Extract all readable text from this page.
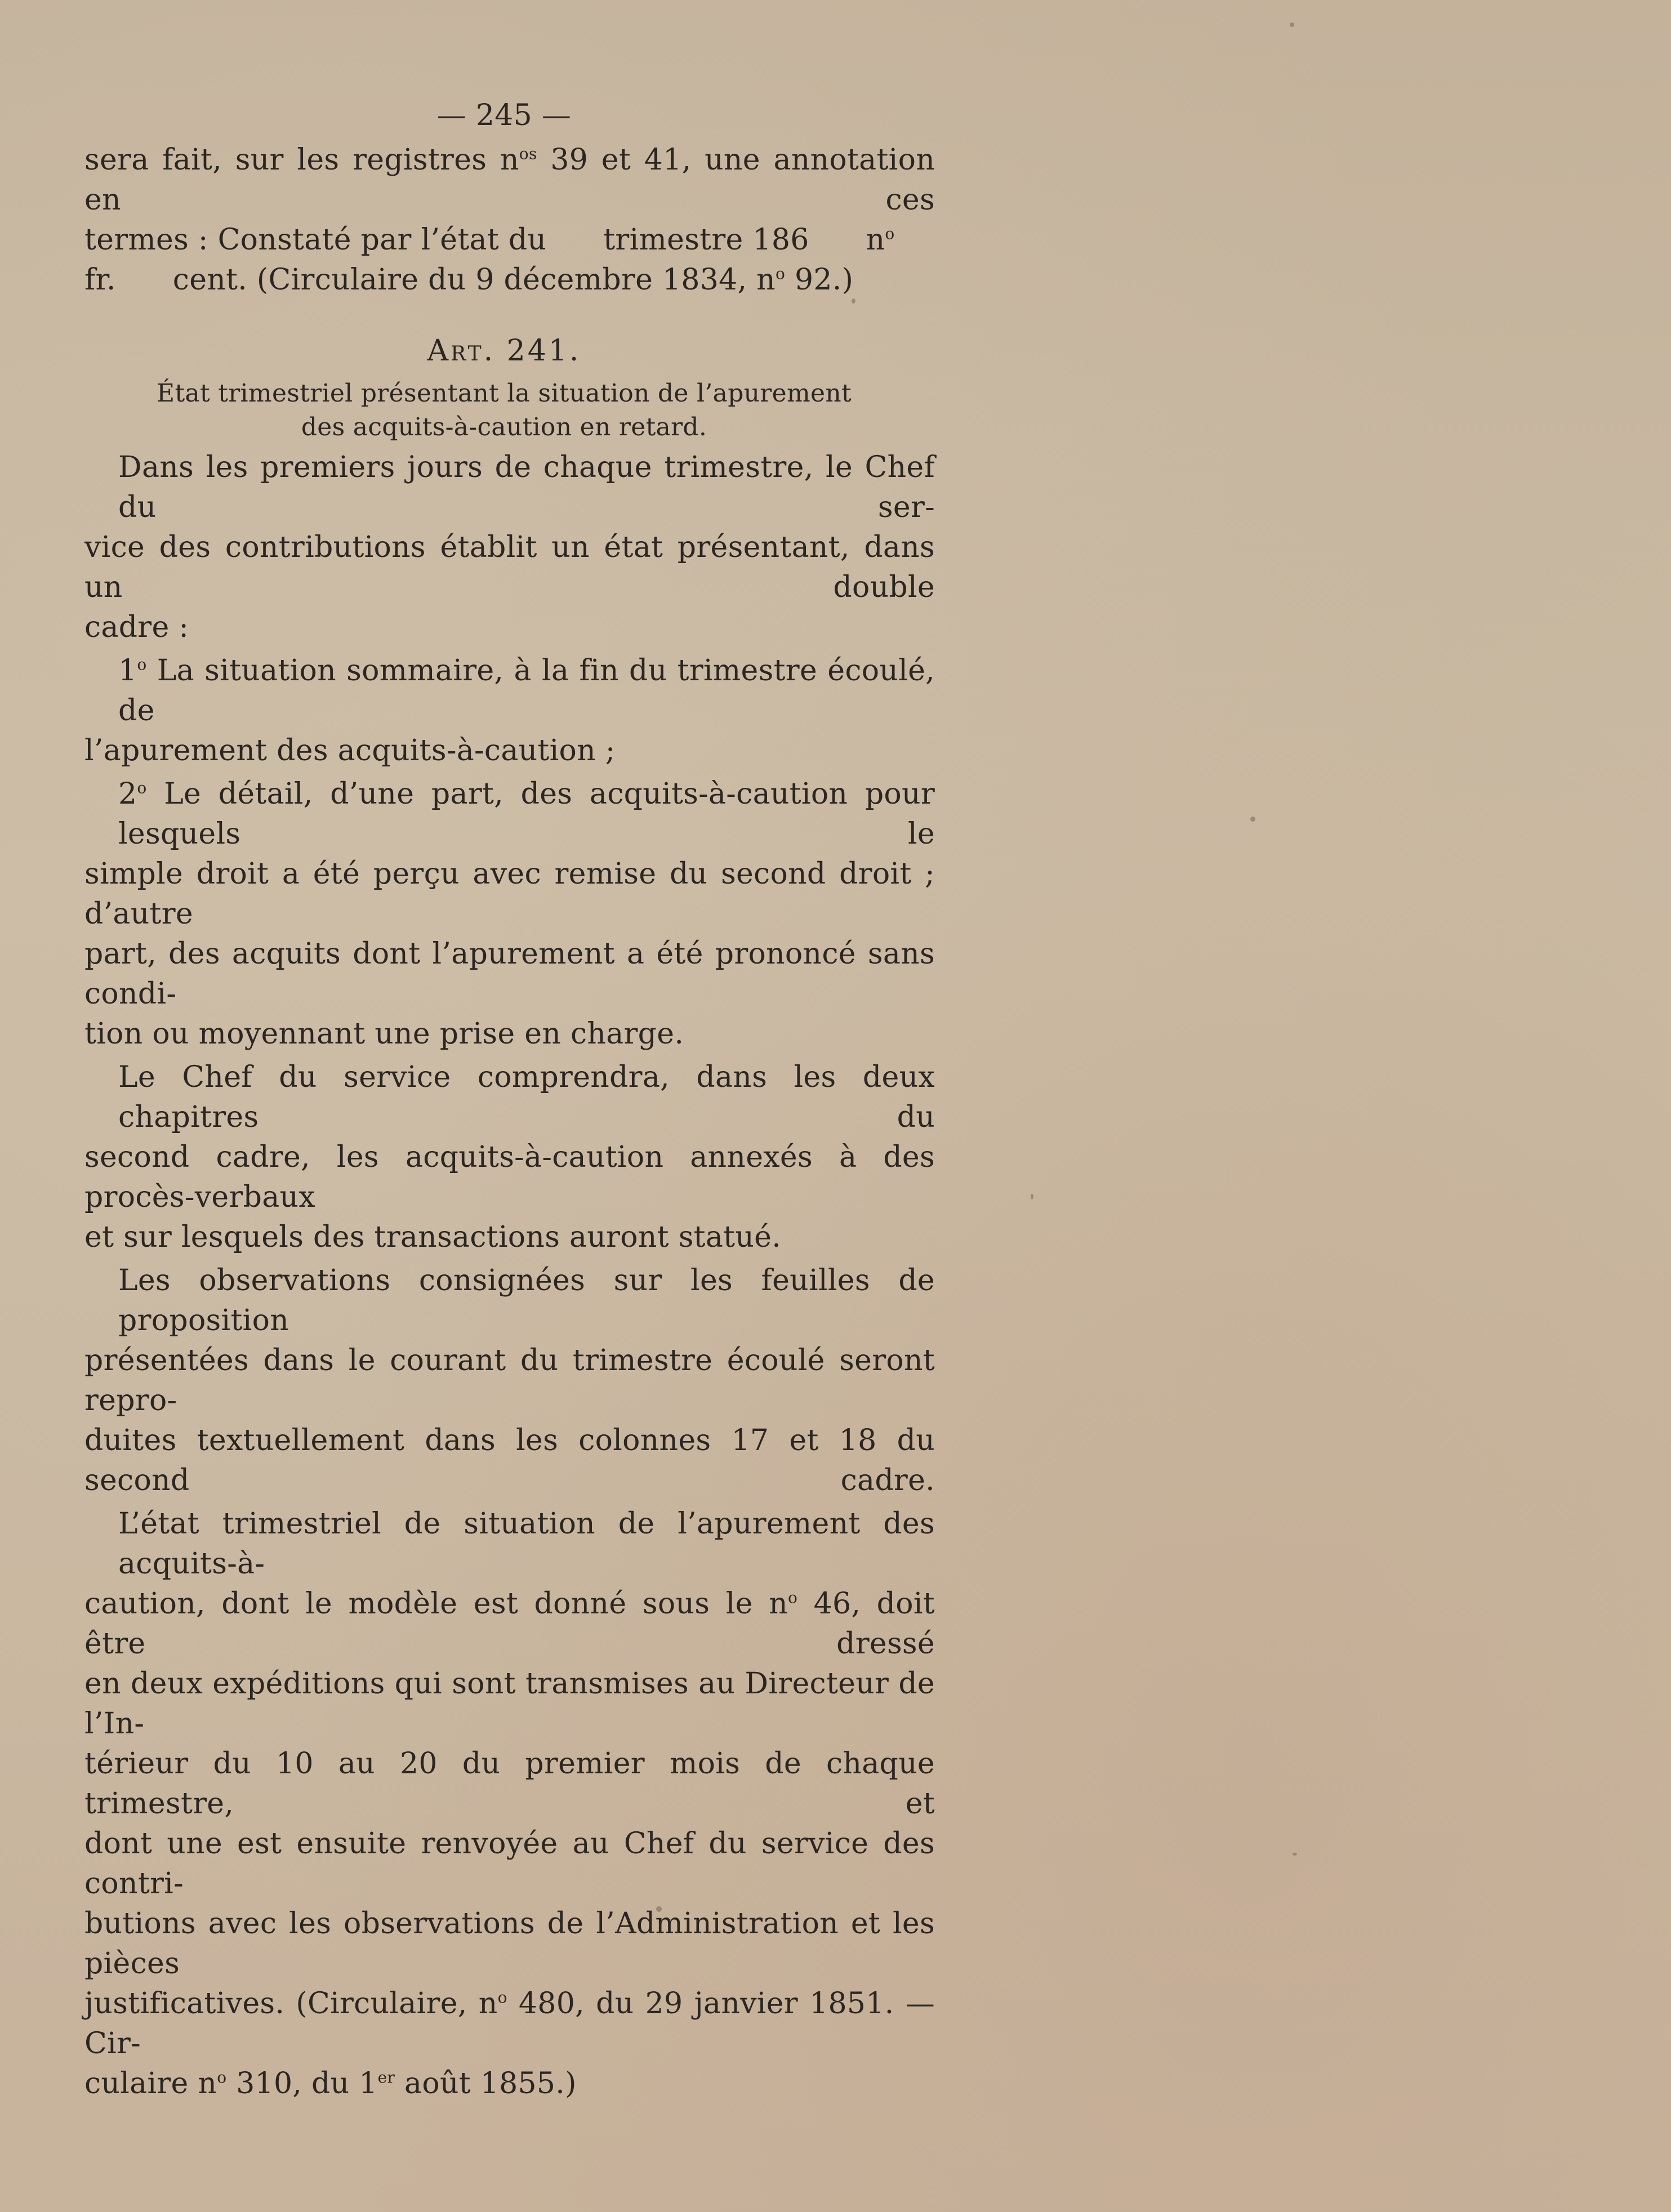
— 245 —
sera fait, sur les registres $n^{os}$ 39 et 41, une annotation en ces
termes : Constaté par l’état du      trimestre 186      $n^o$
fr.      cent. (Circulaire du 9 décembre 1834, $n^o$ 92.)
Art. 241.
État trimestriel présentant la situation de l’apurement
des acquits-à-caution en retard.
Dans les premiers jours de chaque trimestre, le Chef du ser-
vice des contributions établit un état présentant, dans un double
cadre :
1$^o$ La situation sommaire, à la fin du trimestre écoulé, de
l’apurement des acquits-à-caution ;
2$^o$ Le détail, d’une part, des acquits-à-caution pour lesquels le
simple droit a été perçu avec remise du second droit ; d’autre
part, des acquits dont l’apurement a été prononcé sans condi-
tion ou moyennant une prise en charge.
Le Chef du service comprendra, dans les deux chapitres du
second cadre, les acquits-à-caution annexés à des procès-verbaux
et sur lesquels des transactions auront statué.
Les observations consignées sur les feuilles de proposition
présentées dans le courant du trimestre écoulé seront repro-
duites textuellement dans les colonnes 17 et 18 du second cadre.
L’état trimestriel de situation de l’apurement des acquits-à-
caution, dont le modèle est donné sous le $n^o$ 46, doit être dressé
en deux expéditions qui sont transmises au Directeur de l’In-
térieur du 10 au 20 du premier mois de chaque trimestre, et
dont une est ensuite renvoyée au Chef du service des contri-
butions avec les observations de l’Administration et les pièces
justificatives. (Circulaire, $n^o$ 480, du 29 janvier 1851. — Cir-
culaire $n^o$ 310, du 1er août 1855.)
